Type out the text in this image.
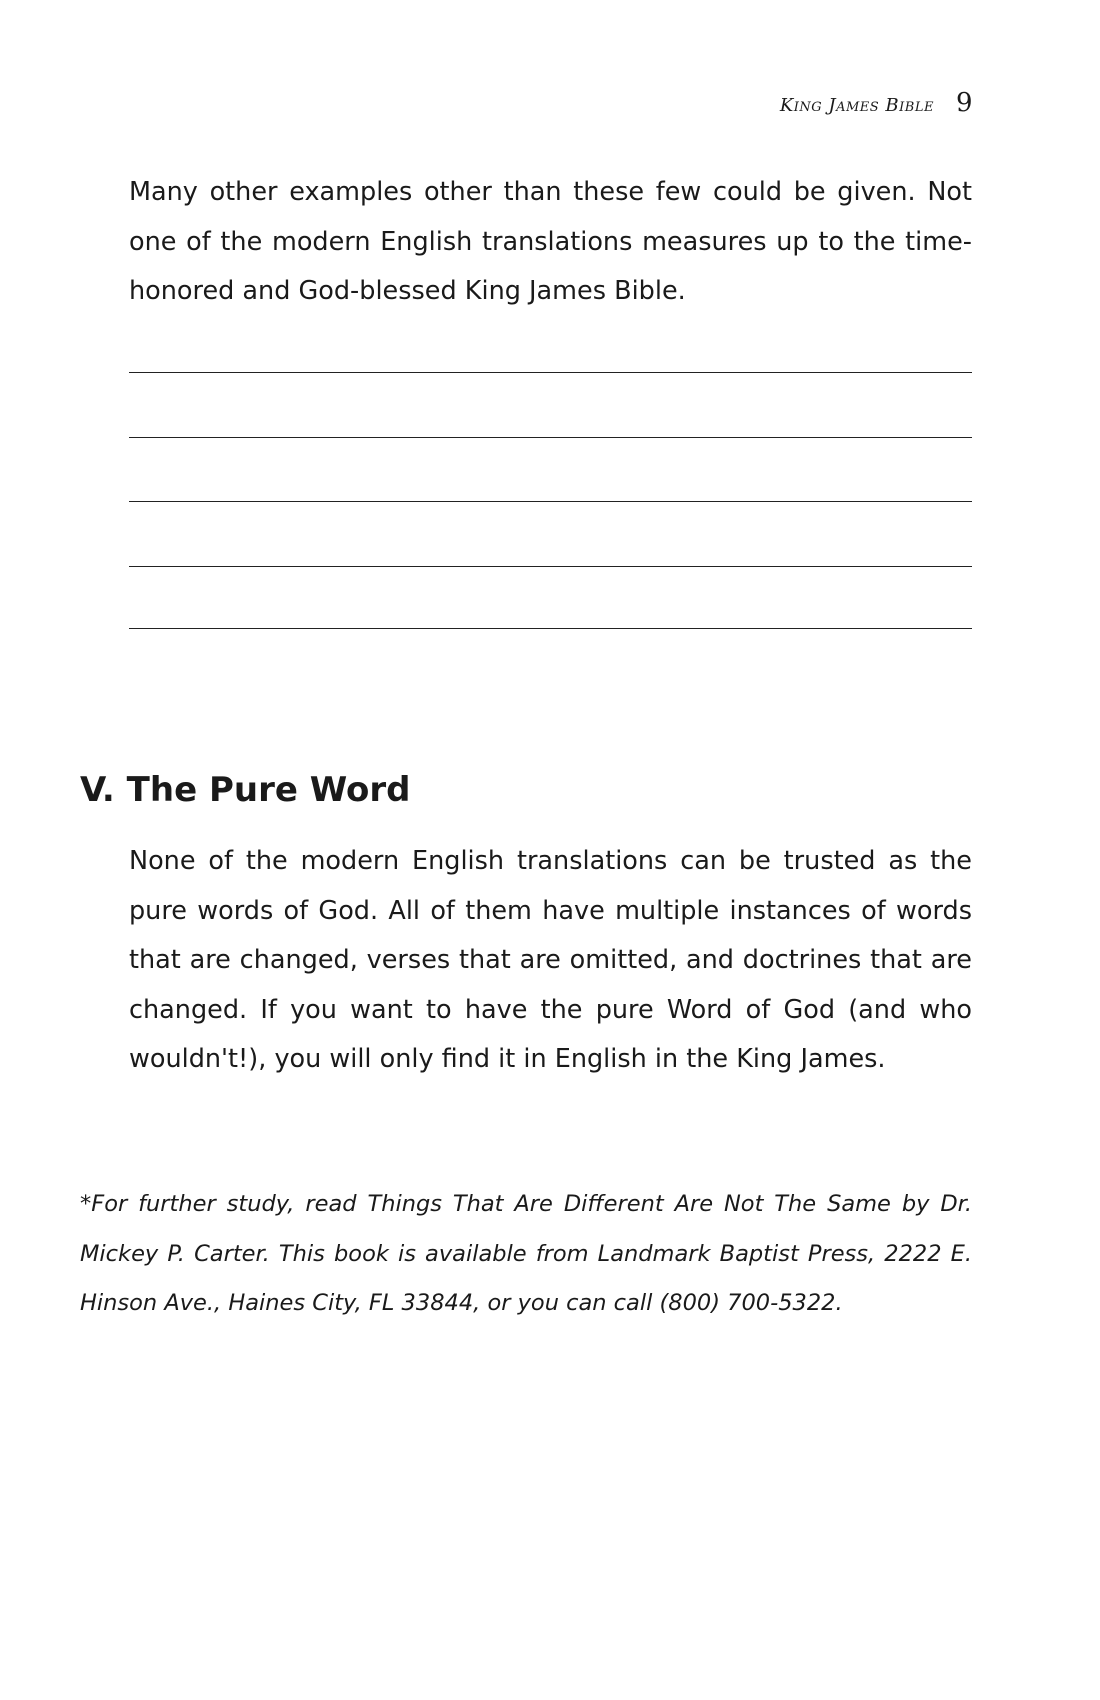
King James Bible 9
Many other examples other than these few could be given. Not one of the modern English translations measures up to the time-honored and God-blessed King James Bible.
V. The Pure Word
None of the modern English translations can be trusted as the pure words of God. All of them have multiple instances of words that are changed, verses that are omitted, and doctrines that are changed. If you want to have the pure Word of God (and who wouldn't!), you will only find it in English in the King James.
*For further study, read Things That Are Different Are Not The Same by Dr. Mickey P. Carter. This book is available from Landmark Baptist Press, 2222 E. Hinson Ave., Haines City, FL 33844, or you can call (800) 700-5322.
